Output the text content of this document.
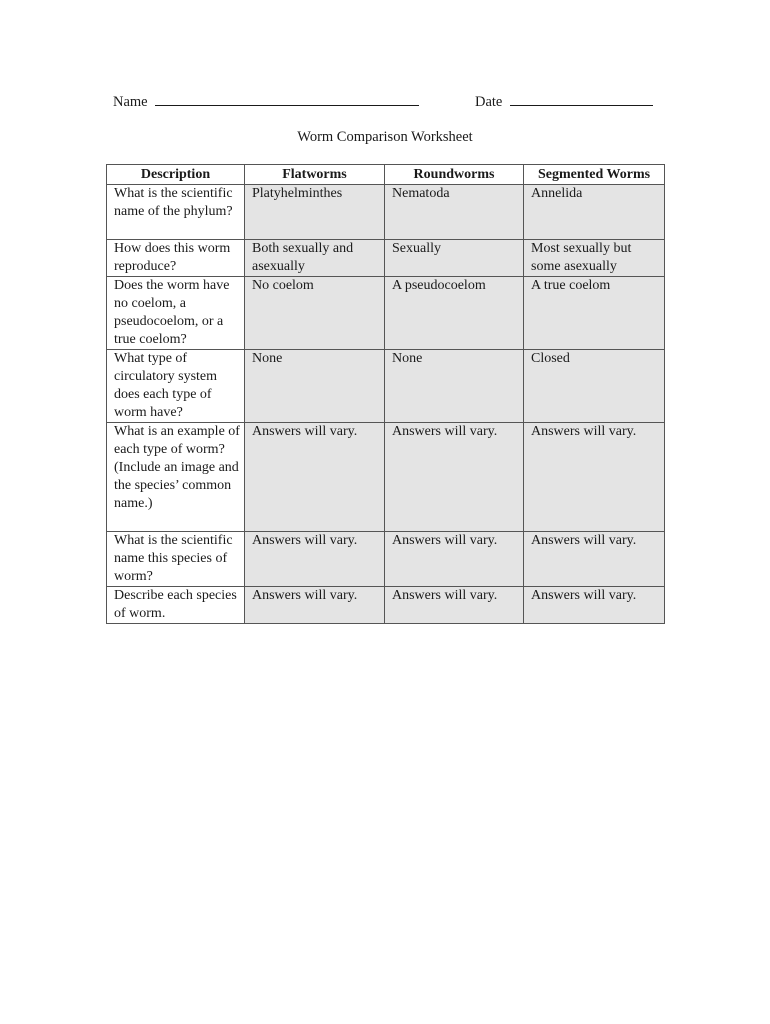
Name	Date
Worm Comparison Worksheet
Description	Flatworms	Roundworms	Segmented Worms
What is the scientific name of the phylum?	Platyhelminthes	Nematoda	Annelida
How does this worm reproduce?	Both sexually and asexually	Sexually	Most sexually but some asexually
Does the worm have no coelom, a pseudocoelom, or a true coelom?	No coelom	A pseudocoelom	A true coelom
What type of circulatory system does each type of worm have?	None	None	Closed
What is an example of each type of worm? (Include an image and the species’ common name.)	Answers will vary.	Answers will vary.	Answers will vary.
What is the scientific name this species of worm?	Answers will vary.	Answers will vary.	Answers will vary.
Describe each species of worm.	Answers will vary.	Answers will vary.	Answers will vary.
